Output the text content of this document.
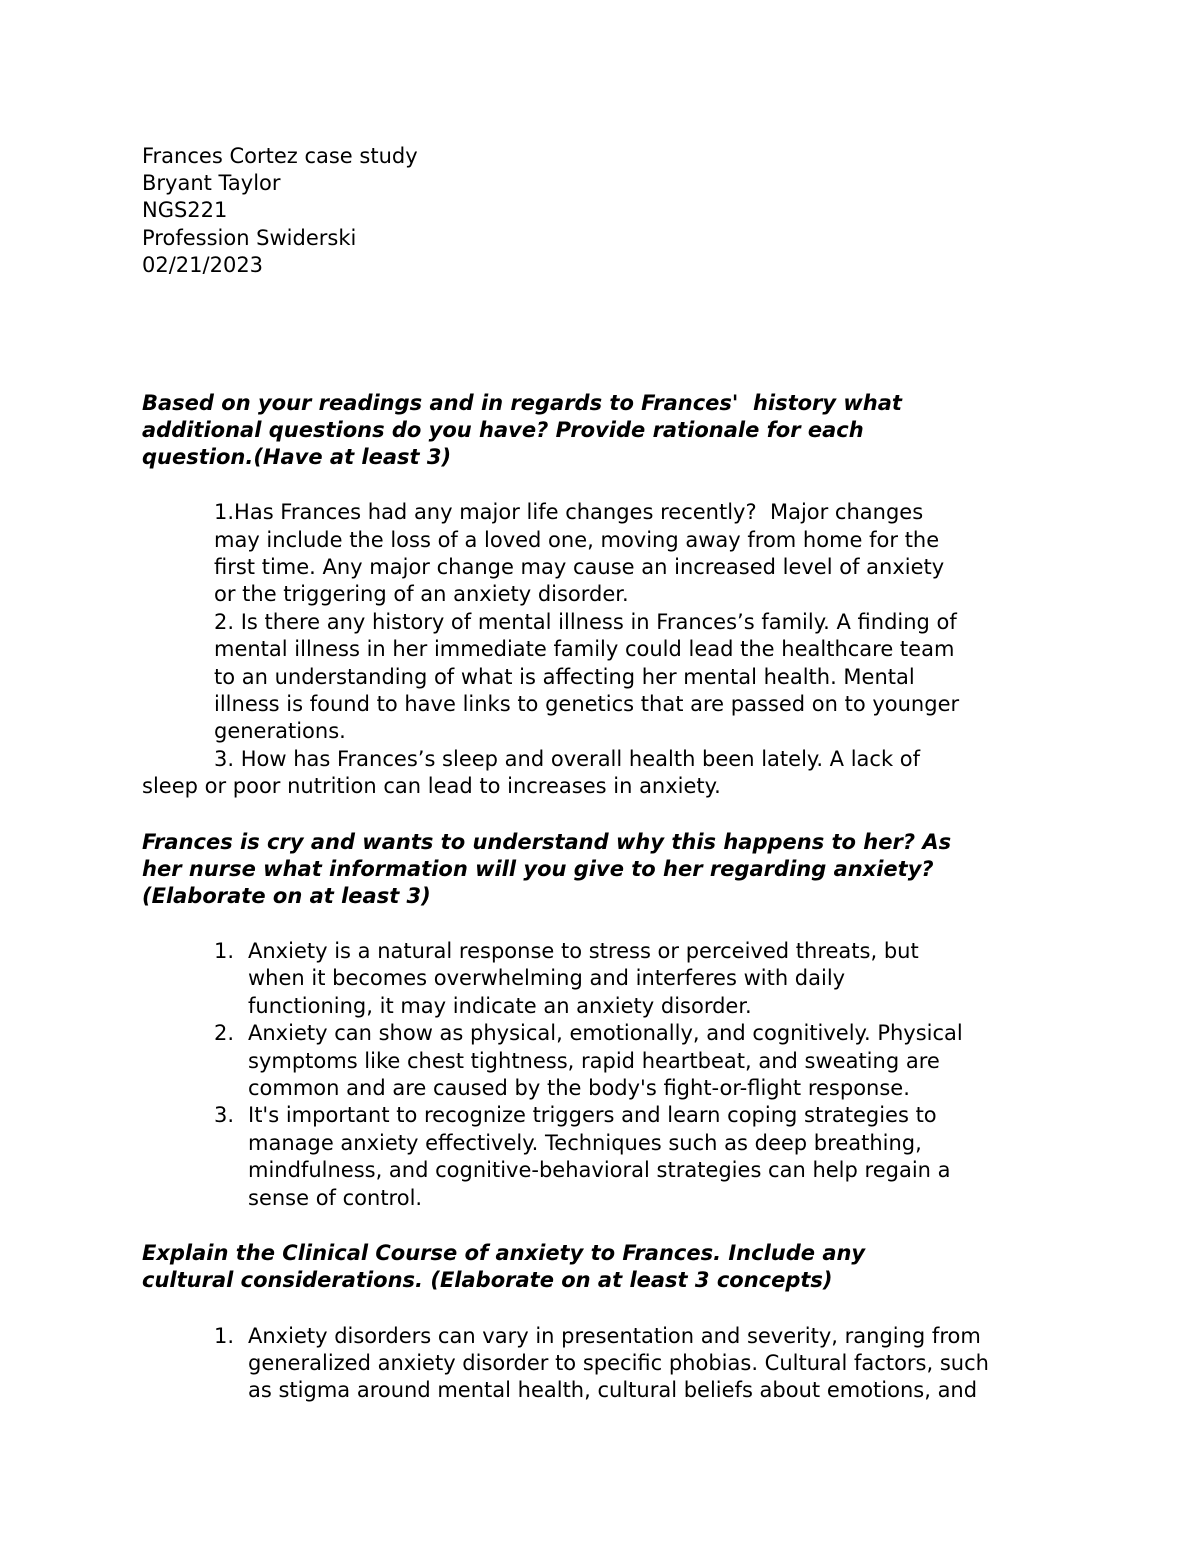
Frances Cortez case study
Bryant Taylor
NGS221
Profession Swiderski
02/21/2023
Based on your readings and in regards to Frances'  history what
additional questions do you have? Provide rationale for each
question.(Have at least 3)
1.Has Frances had any major life changes recently?  Major changes
may include the loss of a loved one, moving away from home for the
first time. Any major change may cause an increased level of anxiety
or the triggering of an anxiety disorder.
2. Is there any history of mental illness in Frances’s family. A finding of
mental illness in her immediate family could lead the healthcare team
to an understanding of what is affecting her mental health. Mental
illness is found to have links to genetics that are passed on to younger
generations.
3. How has Frances’s sleep and overall health been lately. A lack of
sleep or poor nutrition can lead to increases in anxiety.
Frances is cry and wants to understand why this happens to her? As
her nurse what information will you give to her regarding anxiety?
(Elaborate on at least 3)
1. Anxiety is a natural response to stress or perceived threats, but
when it becomes overwhelming and interferes with daily
functioning, it may indicate an anxiety disorder.
2. Anxiety can show as physical, emotionally, and cognitively. Physical
symptoms like chest tightness, rapid heartbeat, and sweating are
common and are caused by the body's fight-or-flight response.
3. It's important to recognize triggers and learn coping strategies to
manage anxiety effectively. Techniques such as deep breathing,
mindfulness, and cognitive-behavioral strategies can help regain a
sense of control.
Explain the Clinical Course of anxiety to Frances. Include any
cultural considerations. (Elaborate on at least 3 concepts)
1. Anxiety disorders can vary in presentation and severity, ranging from
generalized anxiety disorder to specific phobias. Cultural factors, such
as stigma around mental health, cultural beliefs about emotions, and
